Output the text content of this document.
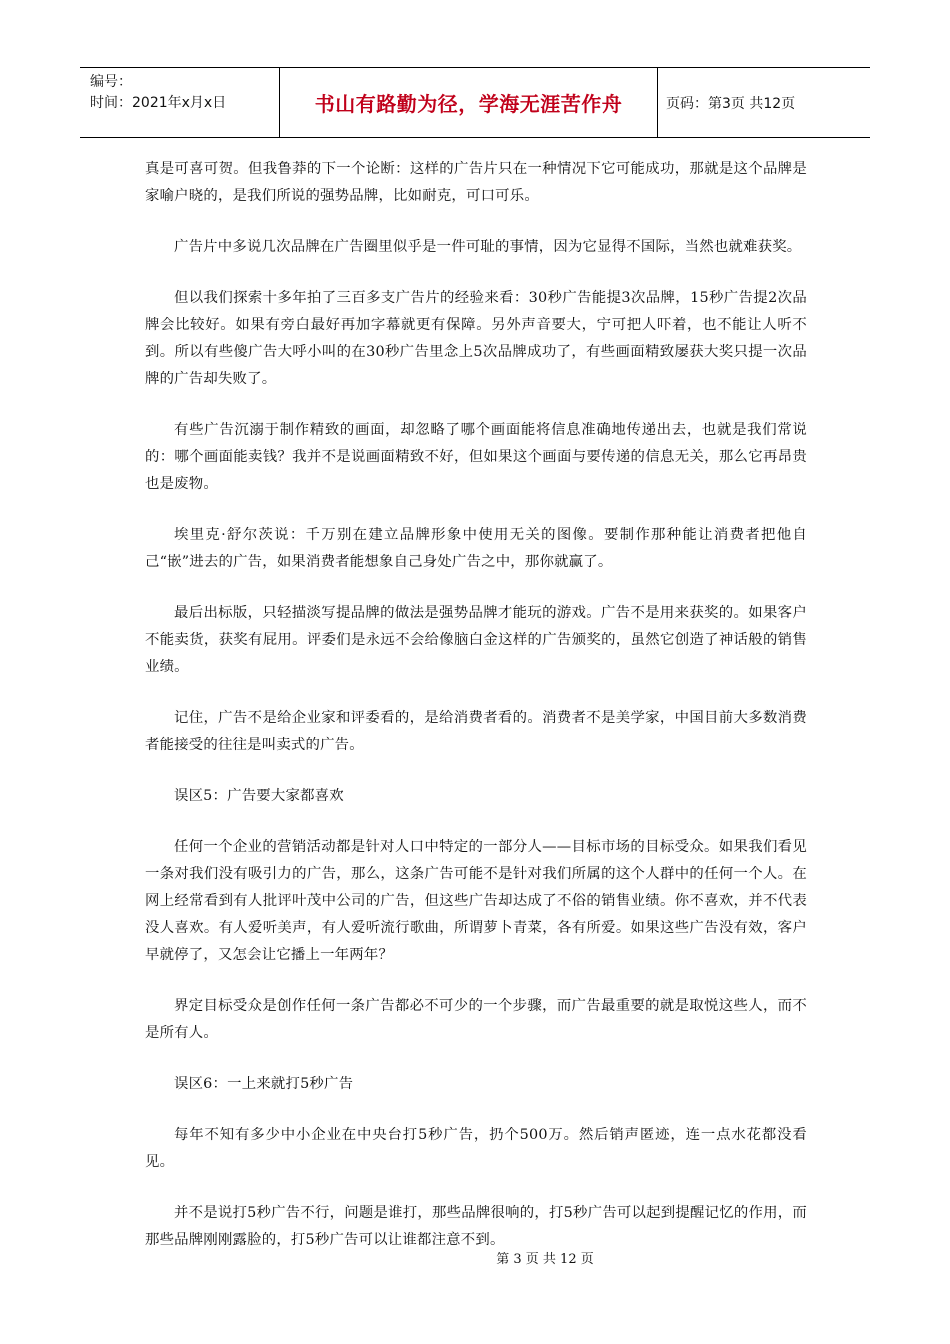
编号：
时间：2021年x月x日	书山有路勤为径，学海无涯苦作舟	页码：第3页 共12页

真是可喜可贺。但我鲁莽的下一个论断：这样的广告片只在一种情况下它可能成功，那就是这个品牌是家喻户晓的，是我们所说的强势品牌，比如耐克，可口可乐。

广告片中多说几次品牌在广告圈里似乎是一件可耻的事情，因为它显得不国际，当然也就难获奖。

但以我们探索十多年拍了三百多支广告片的经验来看：30秒广告能提3次品牌，15秒广告提2次品牌会比较好。如果有旁白最好再加字幕就更有保障。另外声音要大，宁可把人吓着，也不能让人听不到。所以有些傻广告大呼小叫的在30秒广告里念上5次品牌成功了，有些画面精致屡获大奖只提一次品牌的广告却失败了。

有些广告沉溺于制作精致的画面，却忽略了哪个画面能将信息准确地传递出去，也就是我们常说的：哪个画面能卖钱？我并不是说画面精致不好，但如果这个画面与要传递的信息无关，那么它再昂贵也是废物。

埃里克·舒尔茨说：千万别在建立品牌形象中使用无关的图像。要制作那种能让消费者把他自己“嵌”进去的广告，如果消费者能想象自己身处广告之中，那你就赢了。

最后出标版，只轻描淡写提品牌的做法是强势品牌才能玩的游戏。广告不是用来获奖的。如果客户不能卖货，获奖有屁用。评委们是永远不会给像脑白金这样的广告颁奖的，虽然它创造了神话般的销售业绩。

记住，广告不是给企业家和评委看的，是给消费者看的。消费者不是美学家，中国目前大多数消费者能接受的往往是叫卖式的广告。

误区5：广告要大家都喜欢

任何一个企业的营销活动都是针对人口中特定的一部分人——目标市场的目标受众。如果我们看见一条对我们没有吸引力的广告，那么，这条广告可能不是针对我们所属的这个人群中的任何一个人。在网上经常看到有人批评叶茂中公司的广告，但这些广告却达成了不俗的销售业绩。你不喜欢，并不代表没人喜欢。有人爱听美声，有人爱听流行歌曲，所谓萝卜青菜，各有所爱。如果这些广告没有效，客户早就停了，又怎会让它播上一年两年？

界定目标受众是创作任何一条广告都必不可少的一个步骤，而广告最重要的就是取悦这些人，而不是所有人。

误区6：一上来就打5秒广告

每年不知有多少中小企业在中央台打5秒广告，扔个500万。然后销声匿迹，连一点水花都没看见。

并不是说打5秒广告不行，问题是谁打，那些品牌很响的，打5秒广告可以起到提醒记忆的作用，而那些品牌刚刚露脸的，打5秒广告可以让谁都注意不到。

第 3 页 共 12 页
